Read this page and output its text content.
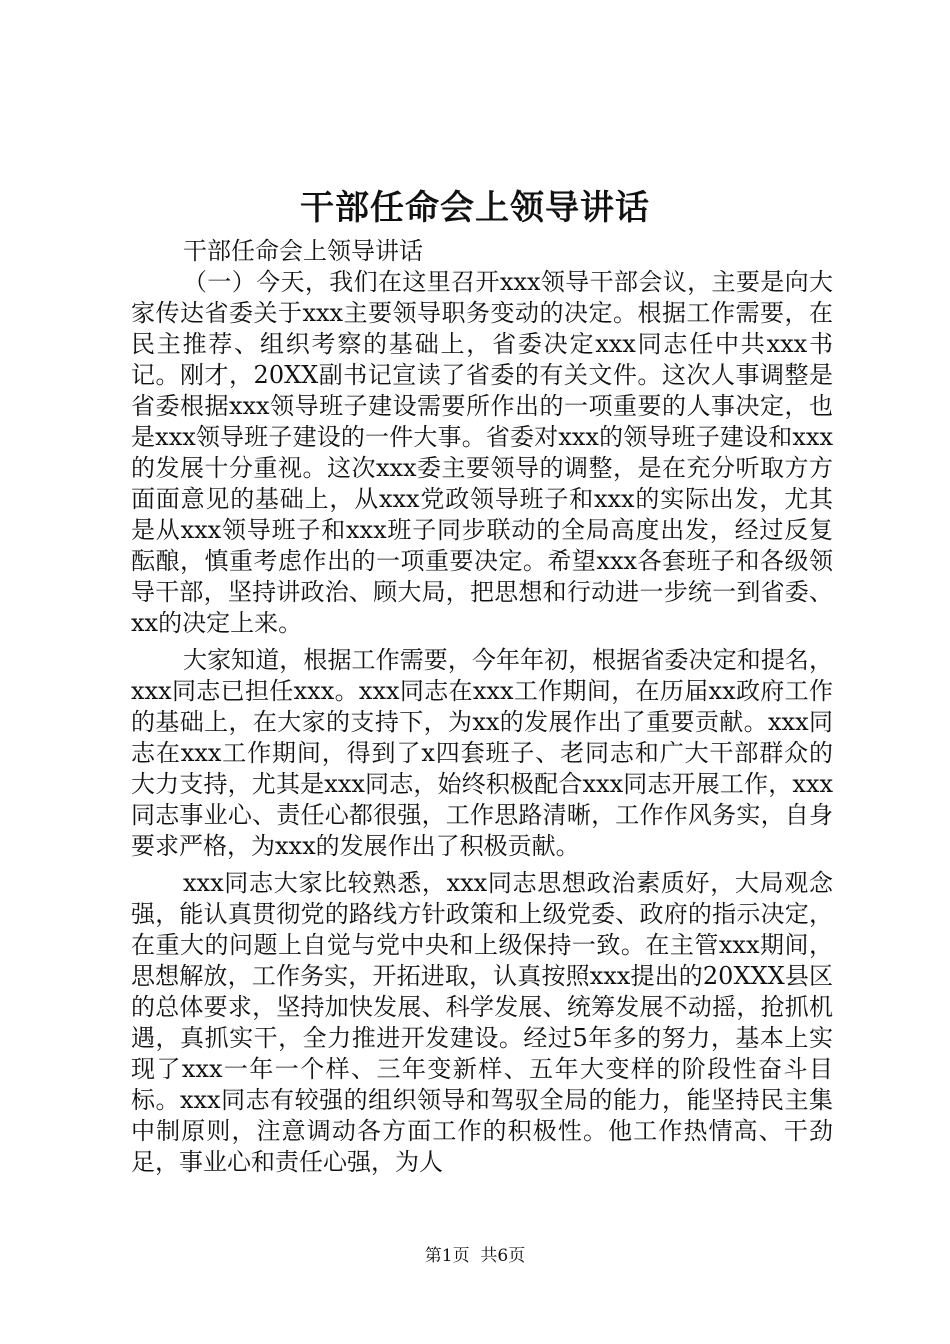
干部任命会上领导讲话

干部任命会上领导讲话

（一）今天，我们在这里召开xxx领导干部会议，主要是向大家传达省委关于xxx主要领导职务变动的决定。根据工作需要，在民主推荐、组织考察的基础上，省委决定xxx同志任中共xxx书记。刚才，20XX副书记宣读了省委的有关文件。这次人事调整是省委根据xxx领导班子建设需要所作出的一项重要的人事决定，也是xxx领导班子建设的一件大事。省委对xxx的领导班子建设和xxx的发展十分重视。这次xxx委主要领导的调整，是在充分听取方方面面意见的基础上，从xxx党政领导班子和xxx的实际出发，尤其是从xxx领导班子和xxx班子同步联动的全局高度出发，经过反复酝酿，慎重考虑作出的一项重要决定。希望xxx各套班子和各级领导干部，坚持讲政治、顾大局，把思想和行动进一步统一到省委、xx的决定上来。

大家知道，根据工作需要，今年年初，根据省委决定和提名，xxx同志已担任xxx。xxx同志在xxx工作期间，在历届xx政府工作的基础上，在大家的支持下，为xx的发展作出了重要贡献。xxx同志在xxx工作期间，得到了x四套班子、老同志和广大干部群众的大力支持，尤其是xxx同志，始终积极配合xxx同志开展工作，xxx同志事业心、责任心都很强，工作思路清晰，工作作风务实，自身要求严格，为xxx的发展作出了积极贡献。

xxx同志大家比较熟悉，xxx同志思想政治素质好，大局观念强，能认真贯彻党的路线方针政策和上级党委、政府的指示决定，在重大的问题上自觉与党中央和上级保持一致。在主管xxx期间，思想解放，工作务实，开拓进取，认真按照xxx提出的20XXX县区的总体要求，坚持加快发展、科学发展、统筹发展不动摇，抢抓机遇，真抓实干，全力推进开发建设。经过5年多的努力，基本上实现了xxx一年一个样、三年变新样、五年大变样的阶段性奋斗目标。xxx同志有较强的组织领导和驾驭全局的能力，能坚持民主集中制原则，注意调动各方面工作的积极性。他工作热情高、干劲足，事业心和责任心强，为人

第1页  共6页
